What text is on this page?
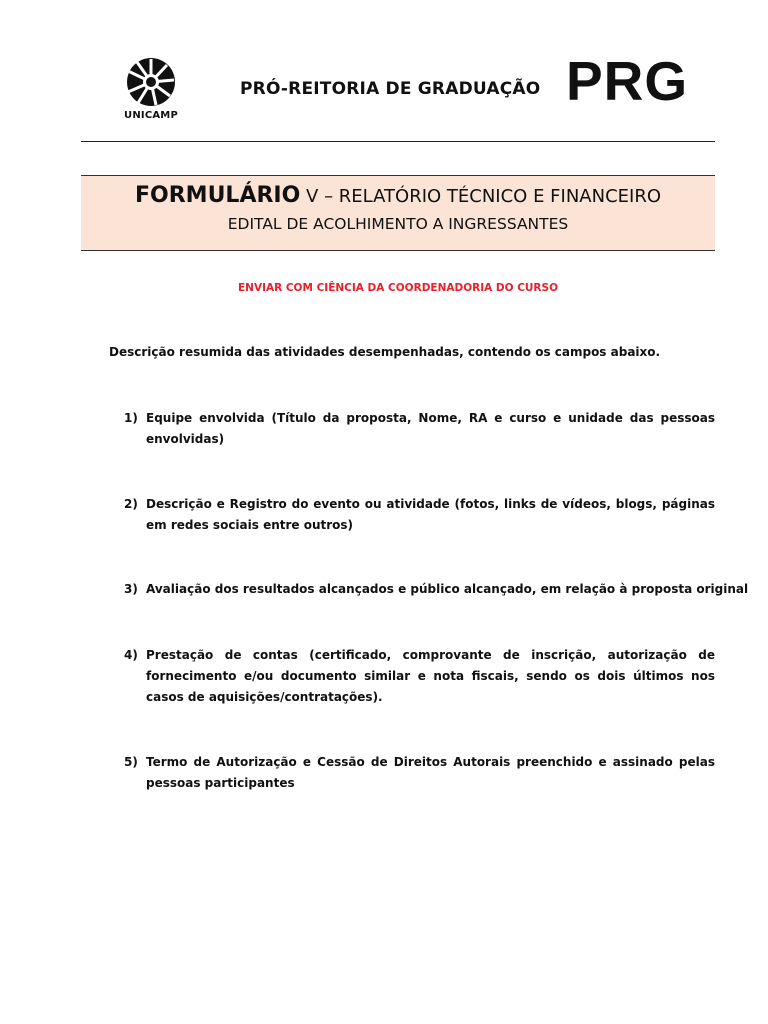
UNICAMP
PRÓ-REITORIA DE GRADUAÇÃO PRG
FORMULÁRIO V – RELATÓRIO TÉCNICO E FINANCEIRO
EDITAL DE ACOLHIMENTO A INGRESSANTES
ENVIAR COM CIÊNCIA DA COORDENADORIA DO CURSO
Descrição resumida das atividades desempenhadas, contendo os campos abaixo.
1) Equipe envolvida (Título da proposta, Nome, RA e curso e unidade das pessoas envolvidas)
2) Descrição e Registro do evento ou atividade (fotos, links de vídeos, blogs, páginas em redes sociais entre outros)
3) Avaliação dos resultados alcançados e público alcançado, em relação à proposta original
4) Prestação de contas (certificado, comprovante de inscrição, autorização de fornecimento e/ou documento similar e nota fiscais, sendo os dois últimos nos casos de aquisições/contratações).
5) Termo de Autorização e Cessão de Direitos Autorais preenchido e assinado pelas pessoas participantes
